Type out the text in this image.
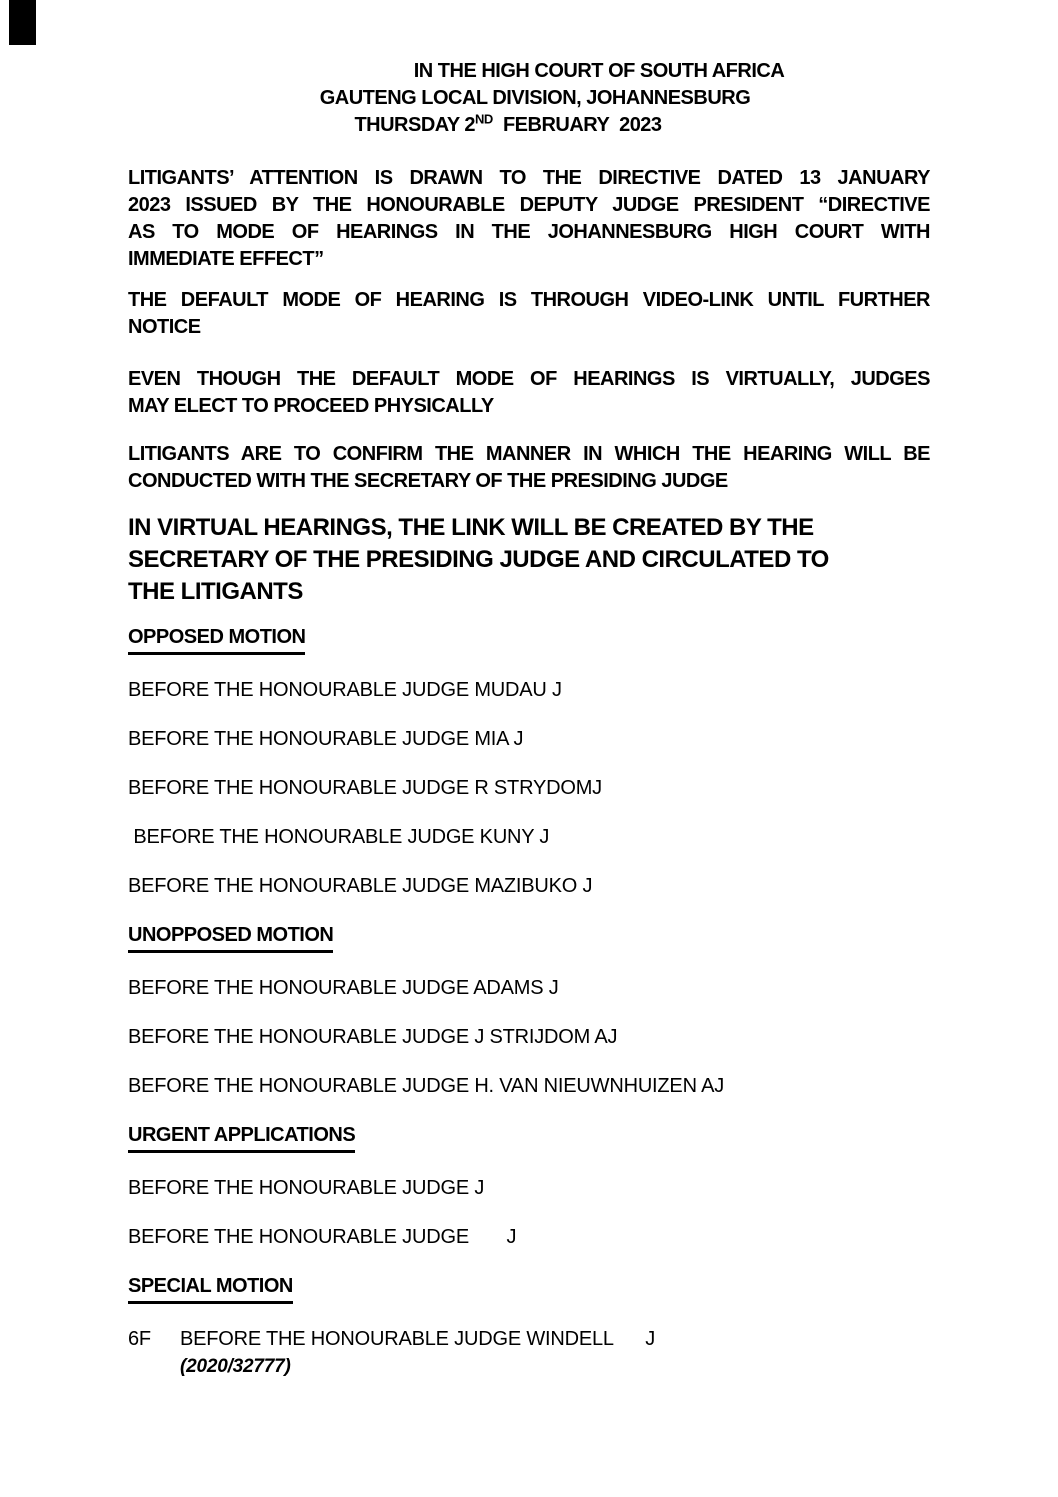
IN THE HIGH COURT OF SOUTH AFRICA
GAUTENG LOCAL DIVISION, JOHANNESBURG
THURSDAY 2ND  FEBRUARY  2023
LITIGANTS’ ATTENTION IS DRAWN TO THE DIRECTIVE DATED 13 JANUARY
2023 ISSUED BY THE HONOURABLE DEPUTY JUDGE PRESIDENT “DIRECTIVE
AS TO MODE OF HEARINGS IN THE JOHANNESBURG HIGH COURT WITH
IMMEDIATE EFFECT”
THE DEFAULT MODE OF HEARING IS THROUGH VIDEO-LINK UNTIL FURTHER
NOTICE
EVEN THOUGH THE DEFAULT MODE OF HEARINGS IS VIRTUALLY, JUDGES
MAY ELECT TO PROCEED PHYSICALLY
LITIGANTS ARE TO CONFIRM THE MANNER IN WHICH THE HEARING WILL BE
CONDUCTED WITH THE SECRETARY OF THE PRESIDING JUDGE
IN VIRTUAL HEARINGS, THE LINK WILL BE CREATED BY THE
SECRETARY OF THE PRESIDING JUDGE AND CIRCULATED TO
THE LITIGANTS
OPPOSED MOTION
BEFORE THE HONOURABLE JUDGE MUDAU J
BEFORE THE HONOURABLE JUDGE MIA J
BEFORE THE HONOURABLE JUDGE R STRYDOMJ
BEFORE THE HONOURABLE JUDGE KUNY J
BEFORE THE HONOURABLE JUDGE MAZIBUKO J
UNOPPOSED MOTION
BEFORE THE HONOURABLE JUDGE ADAMS J
BEFORE THE HONOURABLE JUDGE J STRIJDOM AJ
BEFORE THE HONOURABLE JUDGE H. VAN NIEUWNHUIZEN AJ
URGENT APPLICATIONS
BEFORE THE HONOURABLE JUDGE J
BEFORE THE HONOURABLE JUDGE       J
SPECIAL MOTION
6F	BEFORE THE HONOURABLE JUDGE WINDELL      J
(2020/32777)
